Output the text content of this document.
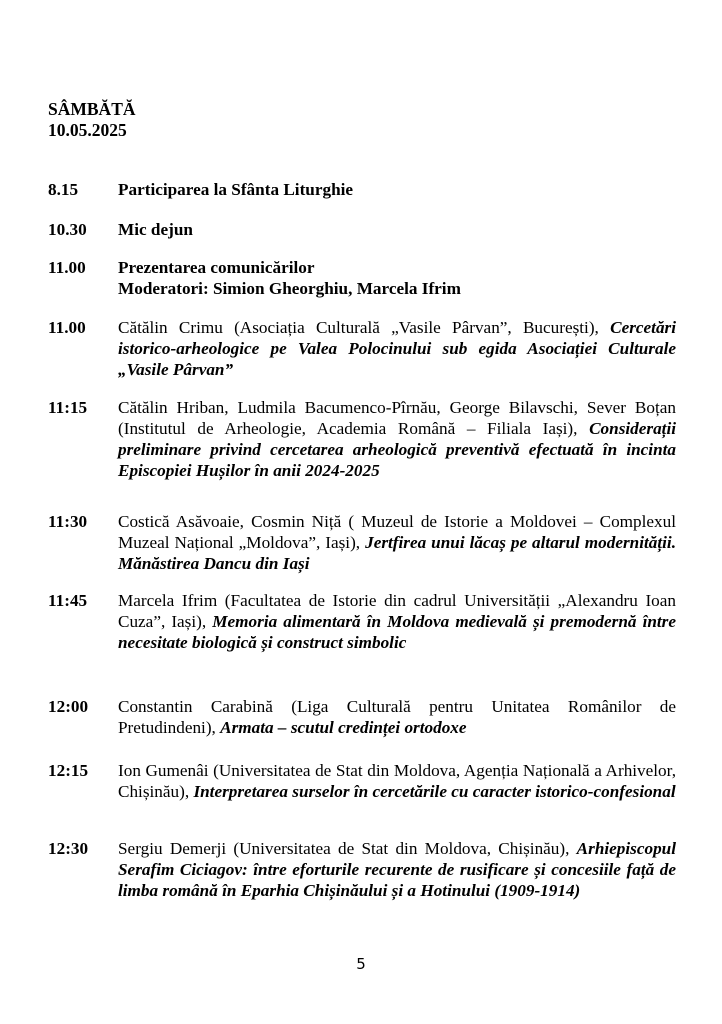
SÂMBĂTĂ
10.05.2025
8.15	Participarea la Sfânta Liturghie
10.30	Mic dejun
11.00	Prezentarea comunicărilor
Moderatori: Simion Gheorghiu, Marcela Ifrim
11.00	Cătălin Crimu (Asociația Culturală „Vasile Pârvan”, București), Cercetări istorico-arheologice pe Valea Polocinului sub egida Asociației Culturale „Vasile Pârvan”
11:15	Cătălin Hriban, Ludmila Bacumenco-Pîrnău, George Bilavschi, Sever Boțan (Institutul de Arheologie, Academia Română – Filiala Iași), Considerații preliminare privind cercetarea arheologică preventivă efectuată în incinta Episcopiei Hușilor în anii 2024-2025
11:30	Costică Asăvoaie, Cosmin Niță ( Muzeul de Istorie a Moldovei – Complexul Muzeal Național „Moldova”, Iași), Jertfirea unui lăcaș pe altarul modernității. Mănăstirea Dancu din Iași
11:45	Marcela Ifrim (Facultatea de Istorie din cadrul Universității „Alexandru Ioan Cuza”, Iași), Memoria alimentară în Moldova medievală și premodernă între necesitate biologică și construct simbolic
12:00	Constantin Carabină (Liga Culturală pentru Unitatea Românilor de Pretudindeni), Armata – scutul credinței ortodoxe
12:15	Ion Gumenâi (Universitatea de Stat din Moldova, Agenția Națională a Arhivelor, Chișinău), Interpretarea surselor în cercetările cu caracter istorico-confesional
12:30	Sergiu Demerji (Universitatea de Stat din Moldova, Chișinău), Arhiepiscopul Serafim Ciciagov: între eforturile recurente de rusificare și concesiile față de limba română în Eparhia Chișinăului și a Hotinului (1909-1914)
5
